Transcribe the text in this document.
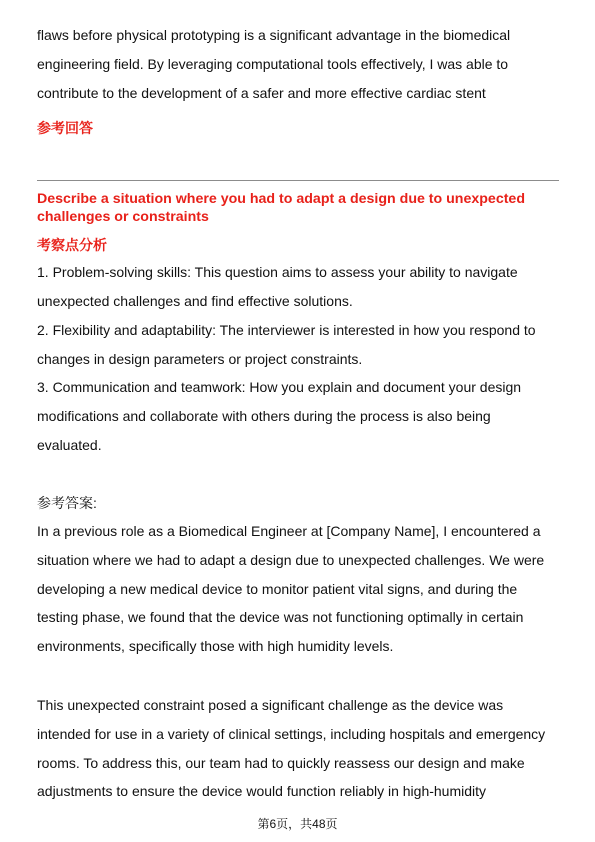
flaws before physical prototyping is a significant advantage in the biomedical
engineering field. By leveraging computational tools effectively, I was able to
contribute to the development of a safer and more effective cardiac stent
参考回答
Describe a situation where you had to adapt a design due to unexpected
challenges or constraints
考察点分析
1. Problem-solving skills: This question aims to assess your ability to navigate
unexpected challenges and find effective solutions.
2. Flexibility and adaptability: The interviewer is interested in how you respond to
changes in design parameters or project constraints.
3. Communication and teamwork: How you explain and document your design
modifications and collaborate with others during the process is also being
evaluated.
参考答案:
In a previous role as a Biomedical Engineer at [Company Name], I encountered a
situation where we had to adapt a design due to unexpected challenges. We were
developing a new medical device to monitor patient vital signs, and during the
testing phase, we found that the device was not functioning optimally in certain
environments, specifically those with high humidity levels.
This unexpected constraint posed a significant challenge as the device was
intended for use in a variety of clinical settings, including hospitals and emergency
rooms. To address this, our team had to quickly reassess our design and make
adjustments to ensure the device would function reliably in high-humidity
第6页，共48页
